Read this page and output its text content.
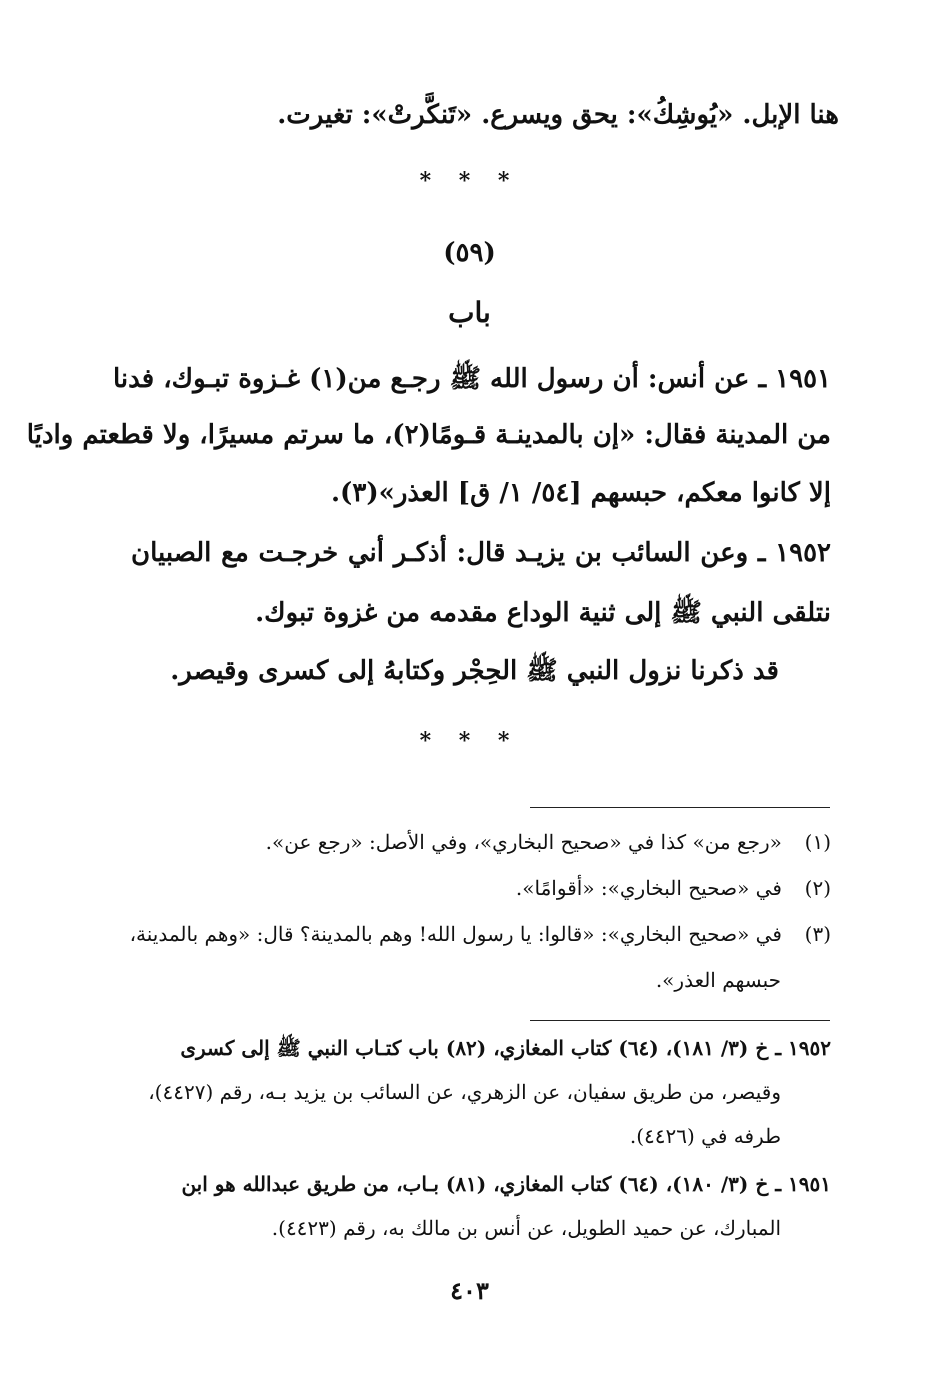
هنا الإبل. «يُوشِكُ»: يحق ويسرع. «تَنكَّرتْ»: تغيرت.
* * *
(٥٩)
باب
١٩٥١ ـ عن أنس: أن رسول الله ﷺ رجـع من(١) غـزوة تبـوك، فدنا
من المدينة فقال: «إن بالمدينـة قـومًا(٢)، ما سرتم مسيرًا، ولا قطعتم واديًا
إلا كانوا معكم، حبسهم [٥٤/ ١/ ق] العذر»(٣).
١٩٥٢ ـ وعن السائب بن يزيـد قال: أذكـر أني خرجـت مع الصبيان
نتلقى النبي ﷺ إلى ثنية الوداع مقدمه من غزوة تبوك.
قد ذكرنا نزول النبي ﷺ الحِجْر وكتابهُ إلى كسرى وقيصر.
* * *
(١)  «رجع من» كذا في «صحيح البخاري»، وفي الأصل: «رجع عن».
(٢)  في «صحيح البخاري»: «أقوامًا».
(٣)  في «صحيح البخاري»: «قالوا: يا رسول الله! وهم بالمدينة؟ قال: «وهم بالمدينة،
حبسهم العذر».
١٩٥٢ ـ خ (٣/ ١٨١)، (٦٤) كتاب المغازي، (٨٢) باب كتـاب النبي ﷺ إلى كسرى
وقيصر، من طريق سفيان، عن الزهري، عن السائب بن يزيد بـه، رقم (٤٤٢٧)،
طرفه في (٤٤٢٦).
١٩٥١ ـ خ (٣/ ١٨٠)، (٦٤) كتاب المغازي، (٨١) بـاب، من طريق عبدالله هو ابن
المبارك، عن حميد الطويل، عن أنس بن مالك به، رقم (٤٤٢٣).
٤٠٣
